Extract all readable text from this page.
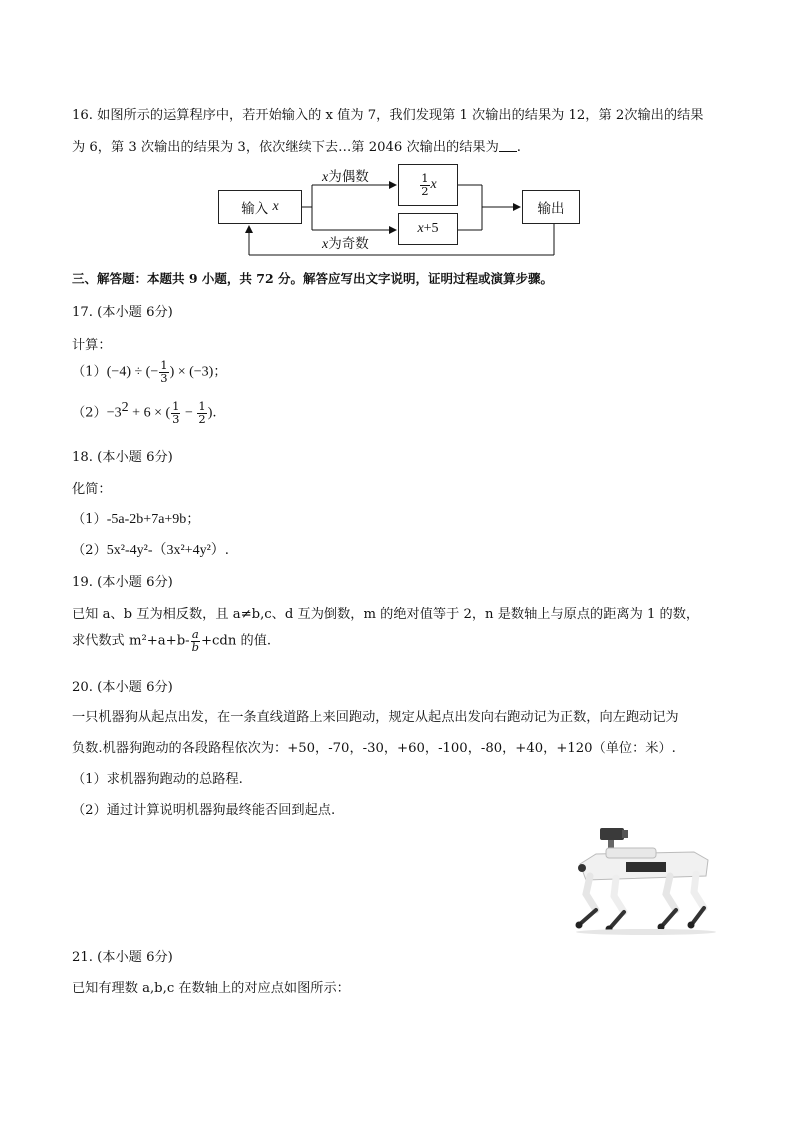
16. 如图所示的运算程序中，若开始输入的 x 值为 7，我们发现第 1 次输出的结果为 12，第 2次输出的结果
为 6，第 3 次输出的结果为 3，依次继续下去…第 2046 次输出的结果为 .
输入
x
x为偶数	$\frac{1}{2}$ x
x +5
x为奇数
输出
三、解答题：本题共 9 小题，共 72 分。解答应写出文字说明，证明过程或演算步骤。
17. (本小题 6分)
计算：
（1）(−4) ÷ (− $\frac{1}{3}$ ) × (−3)；
$(2)-3^2 + 6$ × ( $\frac{1}{3} - \frac{1}{2}$ ).
18. (本小题 6分)
化简：
（1）-5a-2b+7a+9b；
（2）5x²-4y²-（3x²+4y²）.
19. (本小题 6分)
已知 a、b 互为相反数，且 a≠b,c、d 互为倒数，m 的绝对值等于 2，n 是数轴上与原点的距离为 1 的数，
求代数式 $m^2+a+b- \frac{a}{b} +cdn$ 的值.
20. (本小题 6分)
一只机器狗从起点出发，在一条直线道路上来回跑动，规定从起点出发向右跑动记为正数，向左跑动记为
负数.机器狗跑动的各段路程依次为：+50，-70，-30，+60，-100，-80，+40，+120（单位：米）.
（1）求机器狗跑动的总路程.
（2）通过计算说明机器狗最终能否回到起点.
21. (本小题 6分)
已知有理数 a,b,c 在数轴上的对应点如图所示：
